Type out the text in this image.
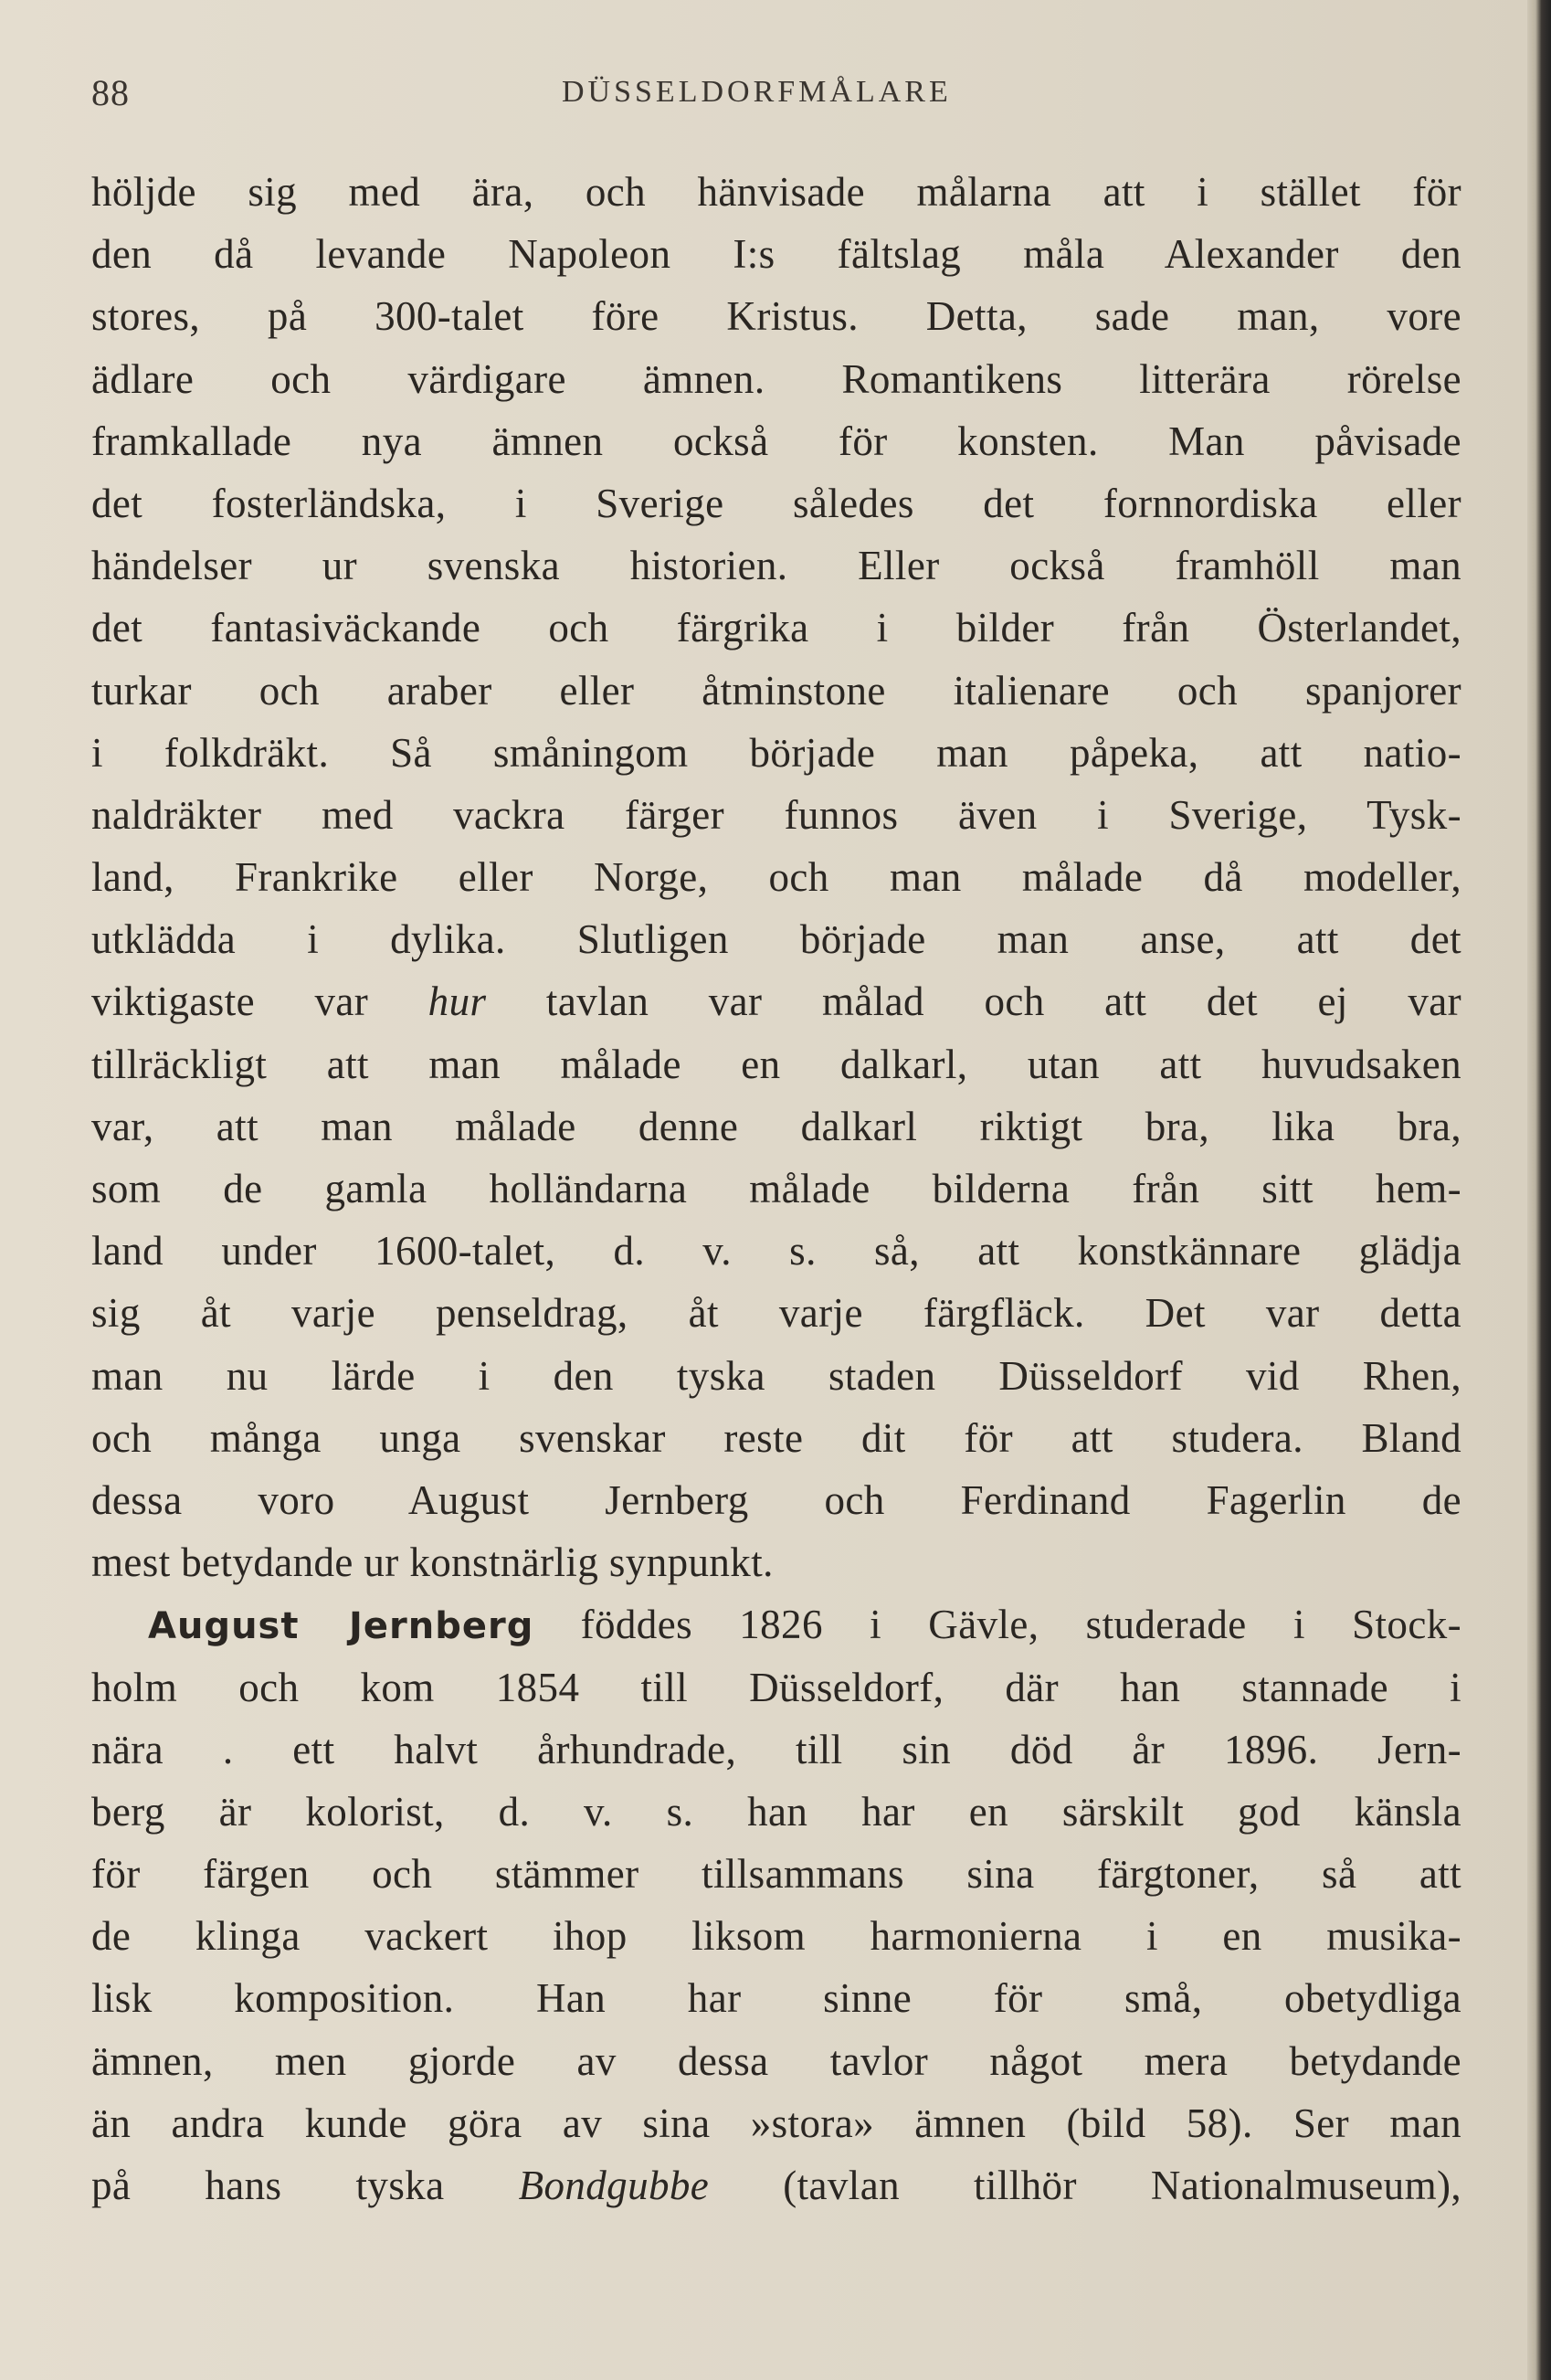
88	DÜSSELDORFMÅLARE
höljde sig med ära, och hänvisade målarna att i stället för
den då levande Napoleon I:s fältslag måla Alexander den
stores, på 300-talet före Kristus. Detta, sade man, vore
ädlare och värdigare ämnen. Romantikens litterära rörelse
framkallade nya ämnen också för konsten. Man påvisade
det fosterländska, i Sverige således det fornnordiska eller
händelser ur svenska historien. Eller också framhöll man
det fantasiväckande och färgrika i bilder från Österlandet,
turkar och araber eller åtminstone italienare och spanjorer
i folkdräkt. Så småningom började man påpeka, att natio-
naldräkter med vackra färger funnos även i Sverige, Tysk-
land, Frankrike eller Norge, och man målade då modeller,
utklädda i dylika. Slutligen började man anse, att det
viktigaste var hur tavlan var målad och att det ej var
tillräckligt att man målade en dalkarl, utan att huvudsaken
var, att man målade denne dalkarl riktigt bra, lika bra,
som de gamla holländarna målade bilderna från sitt hem-
land under 1600-talet, d. v. s. så, att konstkännare glädja
sig åt varje penseldrag, åt varje färgfläck. Det var detta
man nu lärde i den tyska staden Düsseldorf vid Rhen,
och många unga svenskar reste dit för att studera. Bland
dessa voro August Jernberg och Ferdinand Fagerlin de
mest betydande ur konstnärlig synpunkt.
August Jernberg föddes 1826 i Gävle, studerade i Stock-
holm och kom 1854 till Düsseldorf, där han stannade i
nära . ett halvt århundrade, till sin död år 1896. Jern-
berg är kolorist, d. v. s. han har en särskilt god känsla
för färgen och stämmer tillsammans sina färgtoner, så att
de klinga vackert ihop liksom harmonierna i en musika-
lisk komposition. Han har sinne för små, obetydliga
ämnen, men gjorde av dessa tavlor något mera betydande
än andra kunde göra av sina »stora» ämnen (bild 58). Ser man
på hans tyska Bondgubbe (tavlan tillhör Nationalmuseum),
